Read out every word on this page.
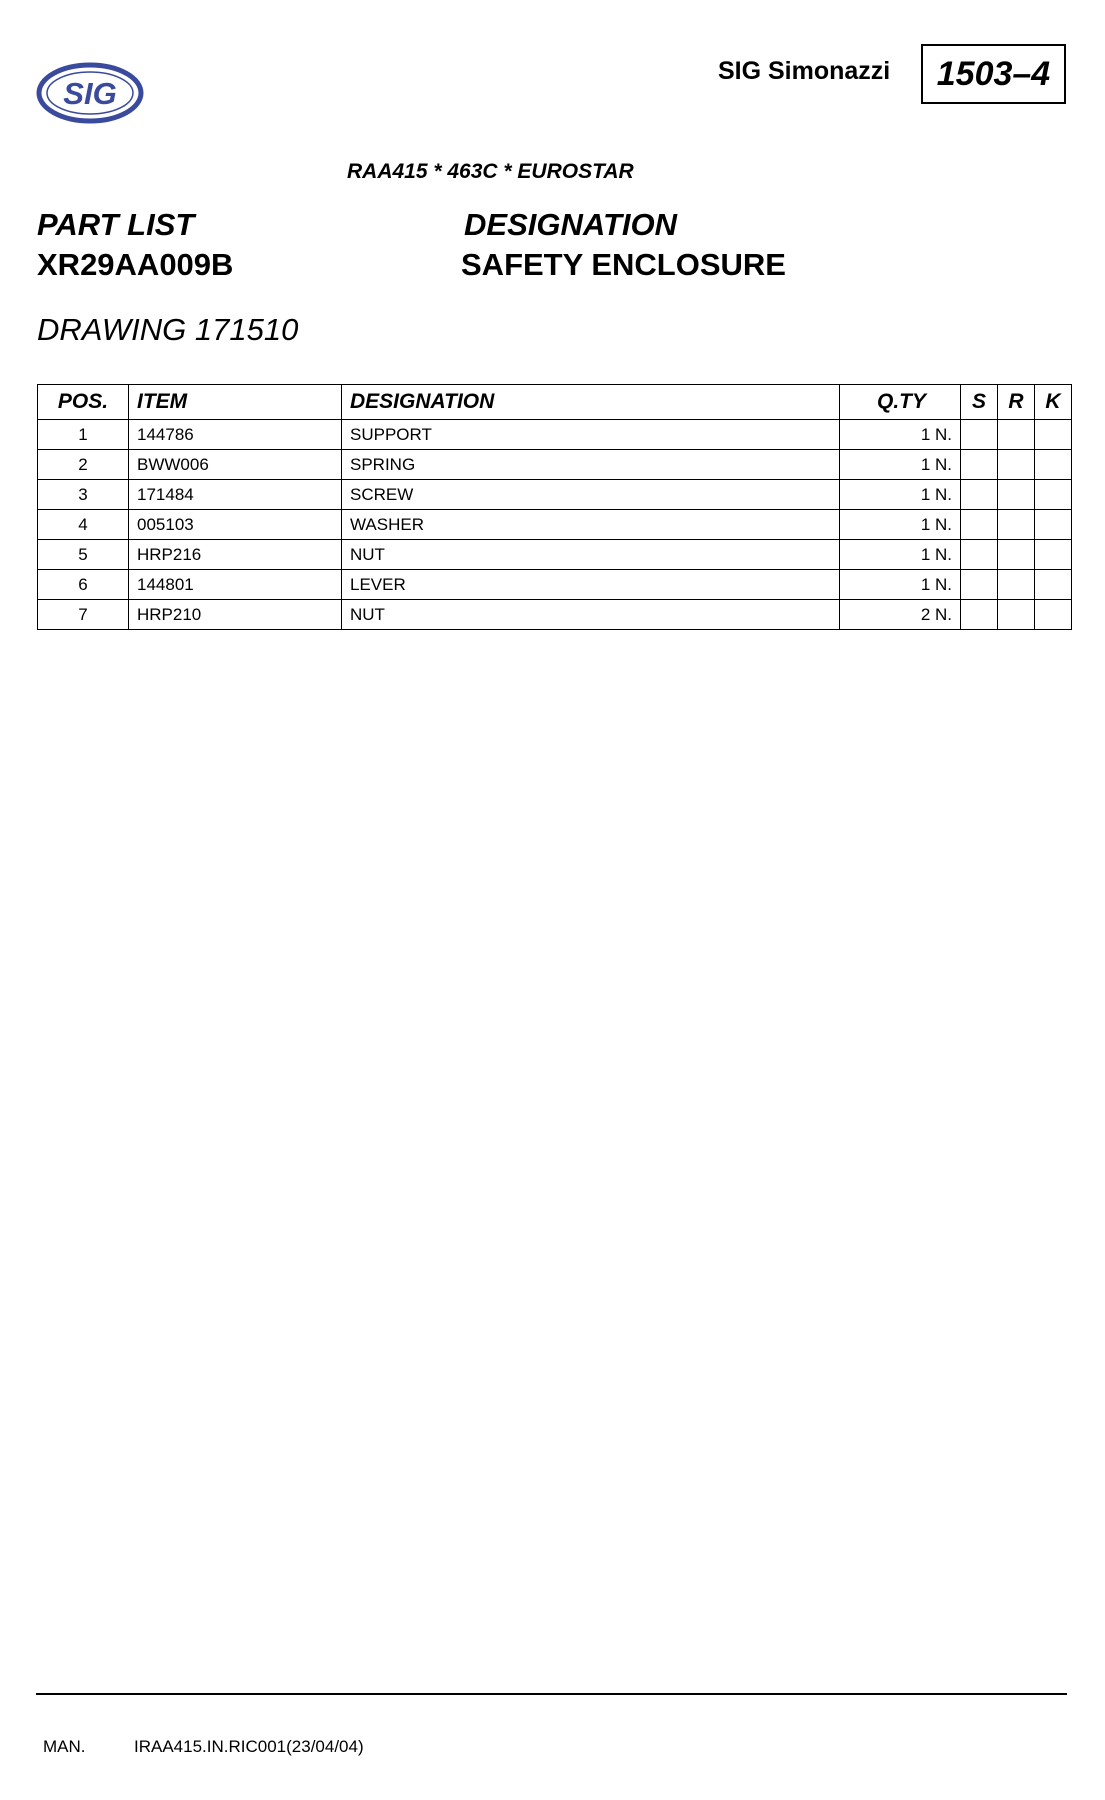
SIG
SIG Simonazzi	1503–4
RAA415 * 463C * EUROSTAR
PART LIST	DESIGNATION
XR29AA009B	SAFETY ENCLOSURE
DRAWING 171510
POS.	ITEM	DESIGNATION	Q.TY	S	R	K
1	144786	SUPPORT	1 N.			
2	BWW006	SPRING	1 N.			
3	171484	SCREW	1 N.			
4	005103	WASHER	1 N.			
5	HRP216	NUT	1 N.			
6	144801	LEVER	1 N.			
7	HRP210	NUT	2 N.			
MAN.	IRAA415.IN.RIC001(23/04/04)
